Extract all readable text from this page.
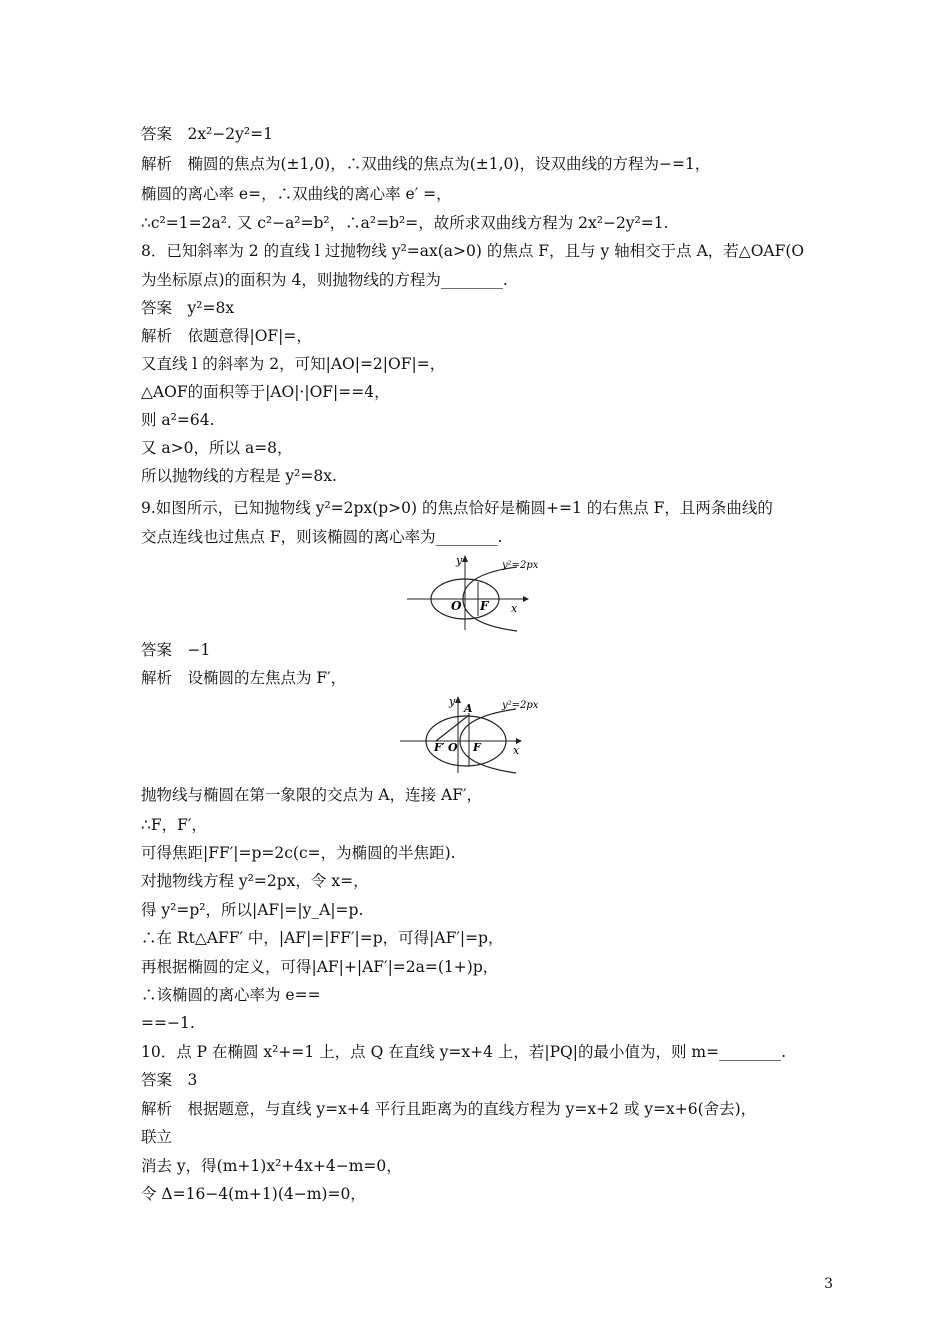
答案　2x²−2y²=1
解析　椭圆的焦点为(±1,0)，∴双曲线的焦点为(±1,0)，设双曲线的方程为−=1，
椭圆的离心率 e=，∴双曲线的离心率 e′ =，
∴c²=1=2a². 又 c²−a²=b²，∴a²=b²=，故所求双曲线方程为 2x²−2y²=1.
8．已知斜率为 2 的直线 l 过抛物线 y²=ax(a>0) 的焦点 F，且与 y 轴相交于点 A，若△OAF(O
为坐标原点)的面积为 4，则抛物线的方程为________.
答案　y²=8x
解析　依题意得|OF|=，
又直线 l 的斜率为 2，可知|AO|=2|OF|=，
△AOF的面积等于|AO|·|OF|==4，
则 a²=64.
又 a>0，所以 a=8，
所以抛物线的方程是 y²=8x.
9.如图所示，已知抛物线 y²=2px(p>0) 的焦点恰好是椭圆+=1 的右焦点 F，且两条曲线的
交点连线也过焦点 F，则该椭圆的离心率为________.
y
O F x
y²=2px
答案　−1
解析　设椭圆的左焦点为 F′，
y
A
F′ O F	x
y²=2px
抛物线与椭圆在第一象限的交点为 A，连接 AF′，
∴F，F′，
可得焦距|FF′|=p=2c(c=，为椭圆的半焦距).
对抛物线方程 y²=2px，令 x=，
得 y²=p²，所以|AF|=|y_A|=p.
∴在 Rt△AFF′ 中，|AF|=|FF′|=p，可得|AF′|=p，
再根据椭圆的定义，可得|AF|+|AF′|=2a=(1+)p，
∴该椭圆的离心率为 e==
==−1.
10．点 P 在椭圆 x²+=1 上，点 Q 在直线 y=x+4 上，若|PQ|的最小值为，则 m=________.
答案　3
解析　根据题意，与直线 y=x+4 平行且距离为的直线方程为 y=x+2 或 y=x+6(舍去)，
联立
消去 y，得(m+1)x²+4x+4−m=0，
令 Δ=16−4(m+1)(4−m)=0，
3
